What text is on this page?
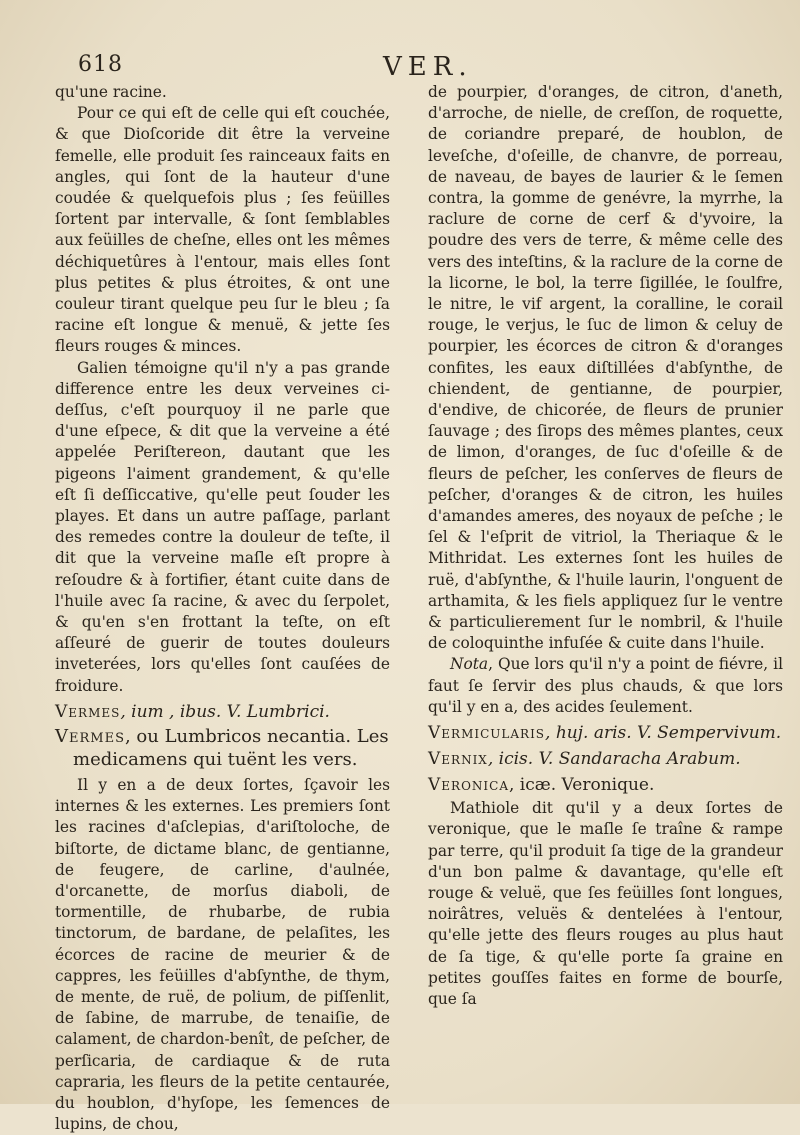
618	VER.

qu'une racine.

Pour ce qui eſt de celle qui eſt couchée, & que Dioſcoride dit être la verveine femelle, elle produit ſes rainceaux faits en angles, qui ſont de la hauteur d'une coudée & quelquefois plus ; ſes feüilles ſortent par intervalle, & ſont ſemblables aux feüilles de cheſne, elles ont les mêmes déchiquetûres à l'entour, mais elles ſont plus petites & plus étroites, & ont une couleur tirant quelque peu ſur le bleu ; ſa racine eſt longue & menuë, & jette ſes fleurs rouges & minces.

Galien témoigne qu'il n'y a pas grande difference entre les deux verveines ci-deſſus, c'eſt pourquoy il ne parle que d'une eſpece, & dit que la verveine a été appelée Periſtereon, dautant que les pigeons l'aiment grandement, & qu'elle eſt ſi deſſiccative, qu'elle peut ſouder les playes. Et dans un autre paſſage, parlant des remedes contre la douleur de teſte, il dit que la verveine maſle eſt propre à reſoudre & à fortifier, étant cuite dans de l'huile avec ſa racine, & avec du ſerpolet, & qu'en s'en frottant la teſte, on eſt aſſeuré de guerir de toutes douleurs inveterées, lors qu'elles ſont cauſées de froidure.

Vermes, ium , ibus. V. Lumbrici.

Vermes, ou Lumbricos necantia. Les medicamens qui tuënt les vers.

Il y en a de deux ſortes, ſçavoir les internes & les externes. Les premiers ſont les racines d'aſclepias, d'ariſtoloche, de biſtorte, de dictame blanc, de gentianne, de feugere, de carline, d'aulnée, d'orcanette, de morſus diaboli, de tormentille, de rhubarbe, de rubia tinctorum, de bardane, de pelaſites, les écorces de racine de meurier & de cappres, les feüilles d'abſynthe, de thym, de mente, de ruë, de polium, de piſſenlit, de ſabine, de marrube, de tenaiſie, de calament, de chardon-benît, de peſcher, de perſicaria, de cardiaque & de ruta capraria, les fleurs de la petite centaurée, du houblon, d'hyſope, les ſemences de lupins, de chou,

de pourpier, d'oranges, de citron, d'aneth, d'arroche, de nielle, de creſſon, de roquette, de coriandre preparé, de houblon, de leveſche, d'oſeille, de chanvre, de porreau, de naveau, de bayes de laurier & le ſemen contra, la gomme de genévre, la myrrhe, la raclure de corne de cerf & d'yvoire, la poudre des vers de terre, & même celle des vers des inteſtins, & la raclure de la corne de la licorne, le bol, la terre ſigillée, le ſoulfre, le nitre, le vif argent, la coralline, le corail rouge, le verjus, le ſuc de limon & celuy de pourpier, les écorces de citron & d'oranges confites, les eaux diſtillées d'abſynthe, de chiendent, de gentianne, de pourpier, d'endive, de chicorée, de fleurs de prunier ſauvage ; des ſirops des mêmes plantes, ceux de limon, d'oranges, de ſuc d'oſeille & de fleurs de peſcher, les conſerves de fleurs de peſcher, d'oranges & de citron, les huiles d'amandes ameres, des noyaux de peſche ; le ſel & l'eſprit de vitriol, la Theriaque & le Mithridat. Les externes ſont les huiles de ruë, d'abſynthe, & l'huile laurin, l'onguent de arthamita, & les fiels appliquez ſur le ventre & particulierement ſur le nombril, & l'huile de coloquinthe infuſée & cuite dans l'huile.

Nota, Que lors qu'il n'y a point de fiévre, il faut ſe ſervir des plus chauds, & que lors qu'il y en a, des acides ſeulement.

Vermicularis, huj. aris. V. Sempervivum.

Vernix, icis. V. Sandaracha Arabum.

Veronica, icæ. Veronique.

Mathiole dit qu'il y a deux ſortes de veronique, que le maſle ſe traîne & rampe par terre, qu'il produit ſa tige de la grandeur d'un bon palme & davantage, qu'elle eſt rouge & veluë, que ſes feüilles ſont longues, noirâtres, veluës & dentelées à l'entour, qu'elle jette des fleurs rouges au plus haut de ſa tige, & qu'elle porte ſa graine en petites gouſſes faites en forme de bourſe, que ſa
